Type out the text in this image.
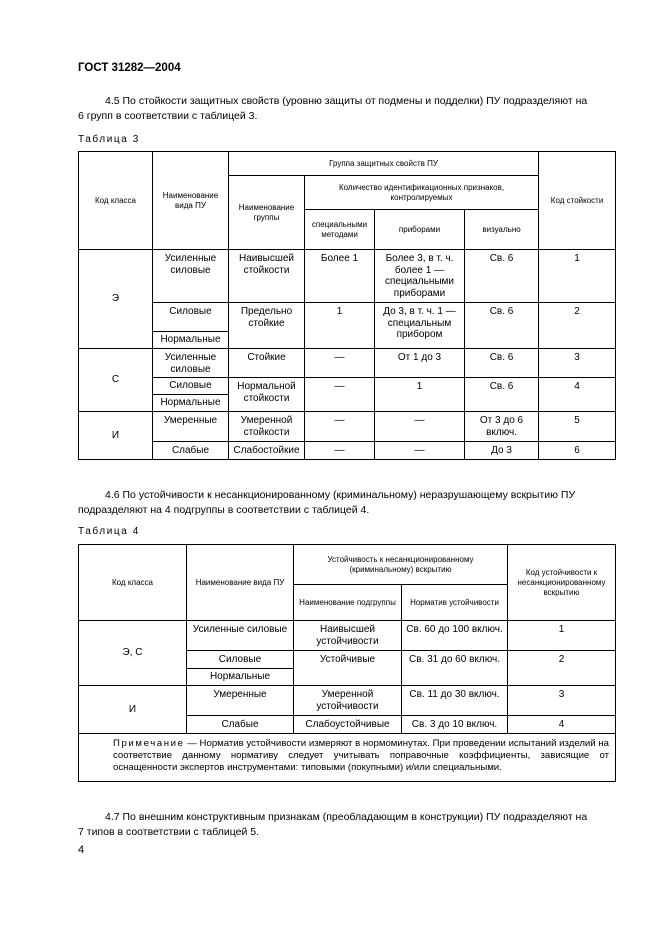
ГОСТ 31282—2004
4.5 По стойкости защитных свойств (уровню защиты от подмены и подделки) ПУ подразделяют на
6 групп в соответствии с таблицей 3.
Таблица 3
Код класса	Наименование вида ПУ	Группа защитных свойств ПУ				Код стойкости
		Наименование группы	Количество идентификационных признаков, контролируемых			
			специальными методами	приборами	визуально	
Э	Усиленные силовые	Наивысшей стойкости	Более 1	Более 3, в т. ч. более 1 — специальными приборами	Св. 6	1
	Силовые	Предельно стойкие	1	До 3, в т. ч. 1 — специальным прибором	Св. 6	2
	Нормальные					
С	Усиленные силовые	Стойкие	—	От 1 до 3	Св. 6	3
	Силовые	Нормальной стойкости	—	1	Св. 6	4
	Нормальные					
И	Умеренные	Умеренной стойкости	—	—	От 3 до 6 включ.	5
	Слабые	Слабостойкие	—	—	До 3	6
4.6 По устойчивости к несанкционированному (криминальному) неразрушающему вскрытию ПУ
подразделяют на 4 подгруппы в соответствии с таблицей 4.
Таблица 4
Код класса	Наименование вида ПУ	Устойчивость к несанкционированному (криминальному) вскрытию		Код устойчивости к несанкционированному вскрытию
		Наименование подгруппы	Норматив устойчивости	
Э, С	Усиленные силовые	Наивысшей устойчивости	Св. 60 до 100 включ.	1
	Силовые	Устойчивые	Св. 31 до 60 включ.	2
	Нормальные			
И	Умеренные	Умеренной устойчивости	Св. 11 до 30 включ.	3
	Слабые	Слабоустойчивые	Св. 3 до 10 включ.	4

Примечание — Норматив устойчивости измеряют в нормоминутах. При проведении испытаний изделий на соответствие данному нормативу следует учитывать поправочные коэффициенты, зависящие от оснащенности экспертов инструментами: типовыми (покупными) и/или специальными.				
4.7 По внешним конструктивным признакам (преобладающим в конструкции) ПУ подразделяют на
7 типов в соответствии с таблицей 5.
4
